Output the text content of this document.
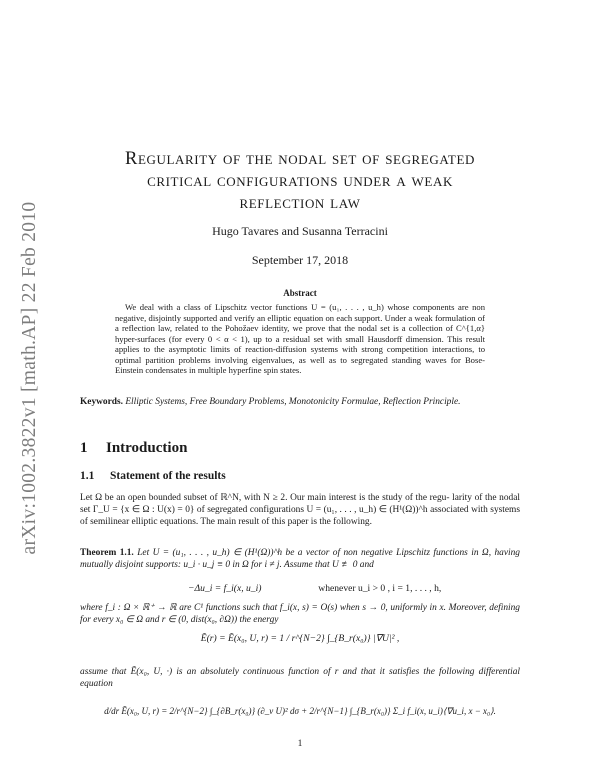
arXiv:1002.3822v1 [math.AP] 22 Feb 2010
Regularity of the nodal set of segregated
critical configurations under a weak
reflection law
Hugo Tavares and Susanna Terracini
September 17, 2018
Abstract
We deal with a class of Lipschitz vector functions U = (u₁, . . . , u_h) whose components are non negative, disjointly supported and verify an elliptic equation on each support. Under a weak formulation of a reflection law, related to the Pohožaev identity, we prove that the nodal set is a collection of C^{1,α} hyper-surfaces (for every 0 < α < 1), up to a residual set with small Hausdorff dimension. This result applies to the asymptotic limits of reaction-diffusion systems with strong competition interactions, to optimal partition problems involving eigenvalues, as well as to segregated standing waves for Bose-Einstein condensates in multiple hyperfine spin states.
Keywords. Elliptic Systems, Free Boundary Problems, Monotonicity Formulae, Reflection Principle.
1 Introduction
1.1 Statement of the results
Let Ω be an open bounded subset of ℝ^N, with N ≥ 2. Our main interest is the study of the regu- larity of the nodal set Γ_U = {x ∈ Ω : U(x) = 0} of segregated configurations U = (u₁, . . . , u_h) ∈ (H¹(Ω))^h associated with systems of semilinear elliptic equations. The main result of this paper is the following.
Theorem 1.1. Let U = (u₁, . . . , u_h) ∈ (H¹(Ω))^h be a vector of non negative Lipschitz functions in Ω, having mutually disjoint supports: u_i · u_j ≡ 0 in Ω for i ≠ j. Assume that U ≢ 0 and
−Δu_i = f_i(x, u_i)	whenever u_i > 0 , i = 1, . . . , h,
where f_i : Ω × ℝ⁺ → ℝ are C¹ functions such that f_i(x, s) = O(s) when s → 0, uniformly in x. Moreover, defining for every x₀ ∈ Ω and r ∈ (0, dist(x₀, ∂Ω)) the energy
Ẽ(r) = Ẽ(x₀, U, r) = 1 / r^{N−2} ∫_{B_r(x₀)} |∇U|² ,
assume that Ẽ(x₀, U, ·) is an absolutely continuous function of r and that it satisfies the following differential equation
d/dr Ẽ(x₀, U, r) = 2/r^{N−2} ∫_{∂B_r(x₀)} (∂_ν U)² dσ + 2/r^{N−1} ∫_{B_r(x₀)} Σ_i f_i(x, u_i)⟨∇u_i, x − x₀⟩.
1
